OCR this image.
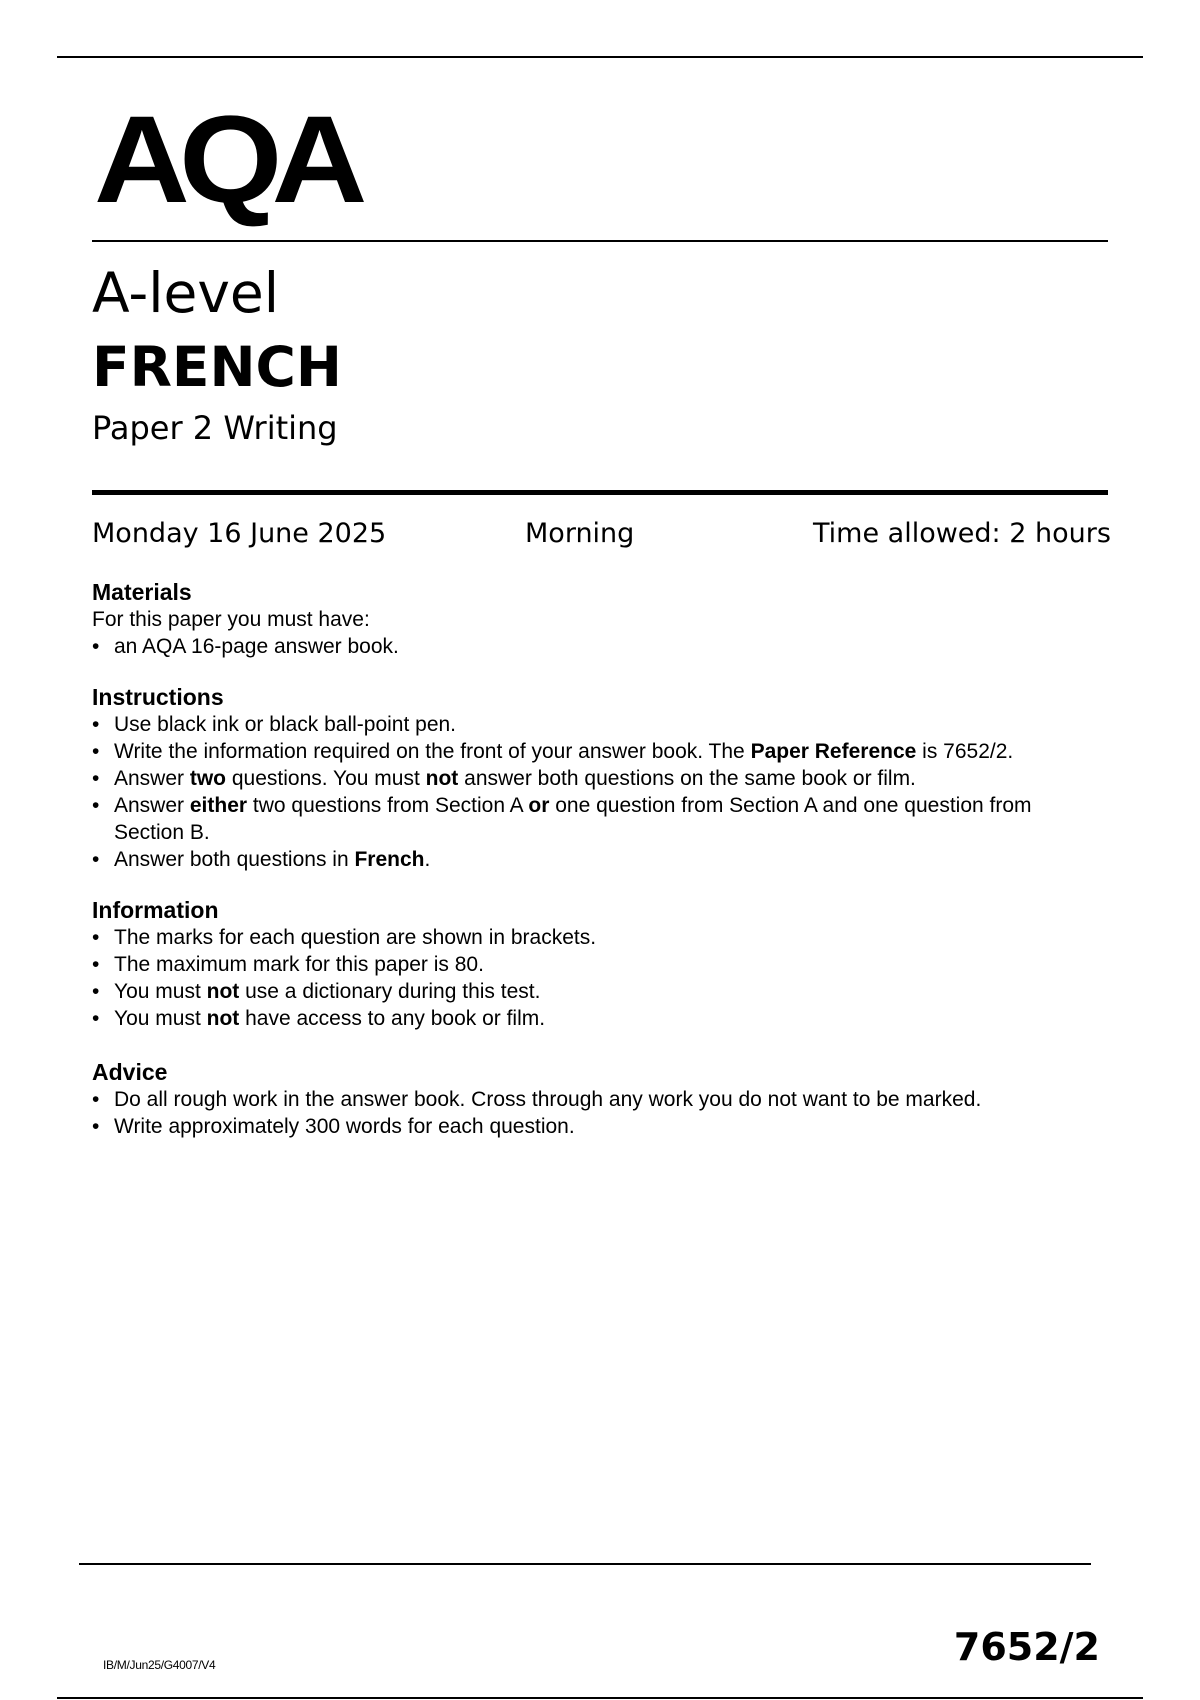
AQA
A-level
FRENCH
Paper 2 Writing
Monday 16 June 2025	Morning	Time allowed: 2 hours
Materials

For this paper you must have:

• an AQA 16-page answer book.
Instructions
• Use black ink or black ball-point pen.
• Write the information required on the front of your answer book. The Paper Reference is 7652/2.
• Answer two questions. You must not answer both questions on the same book or film.
• Answer either two questions from Section A or one question from Section A and one question from Section B.
• Answer both questions in French.
Information
• The marks for each question are shown in brackets.
• The maximum mark for this paper is 80.
• You must not use a dictionary during this test.
• You must not have access to any book or film.
Advice
• Do all rough work in the answer book. Cross through any work you do not want to be marked.
• Write approximately 300 words for each question.
IB/M/Jun25/G4007/V4	7652/2
